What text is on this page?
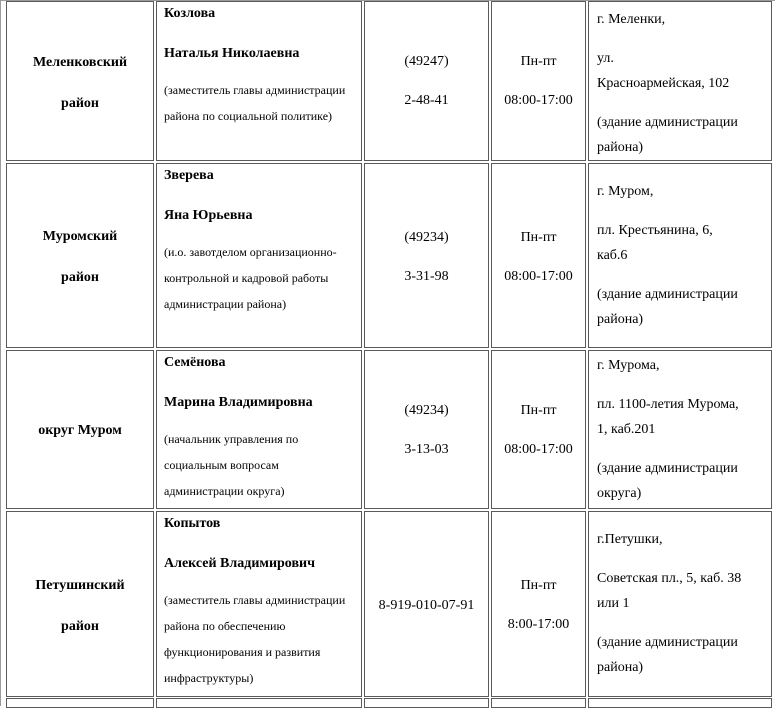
Меленковский
район
Козлова
Наталья Николаевна
(заместитель главы администрации района по социальной политике)
(49247)
2-48-41
Пн-пт
08:00-17:00
г. Меленки,
ул.
Красноармейская, 102
(здание администрации района)
Муромский
район
Зверева
Яна Юрьевна
(и.о. завотделом организационно-контрольной и кадровой работы администрации района)
(49234)
3-31-98
Пн-пт
08:00-17:00
г. Муром,
пл. Крестьянина, 6,
каб.6
(здание администрации района)
округ Муром
Семёнова
Марина Владимировна
(начальник управления по социальным вопросам администрации округа)
(49234)
3-13-03
Пн-пт
08:00-17:00
г. Мурома,
пл. 1100-летия Мурома,
1, каб.201
(здание администрации округа)
Петушинский
район
Копытов
Алексей Владимирович
(заместитель главы администрации района по обеспечению функционирования и развития инфраструктуры)
8-919-010-07-91
Пн-пт
8:00-17:00
г.Петушки,
Советская пл., 5, каб. 38
или 1
(здание администрации района)
